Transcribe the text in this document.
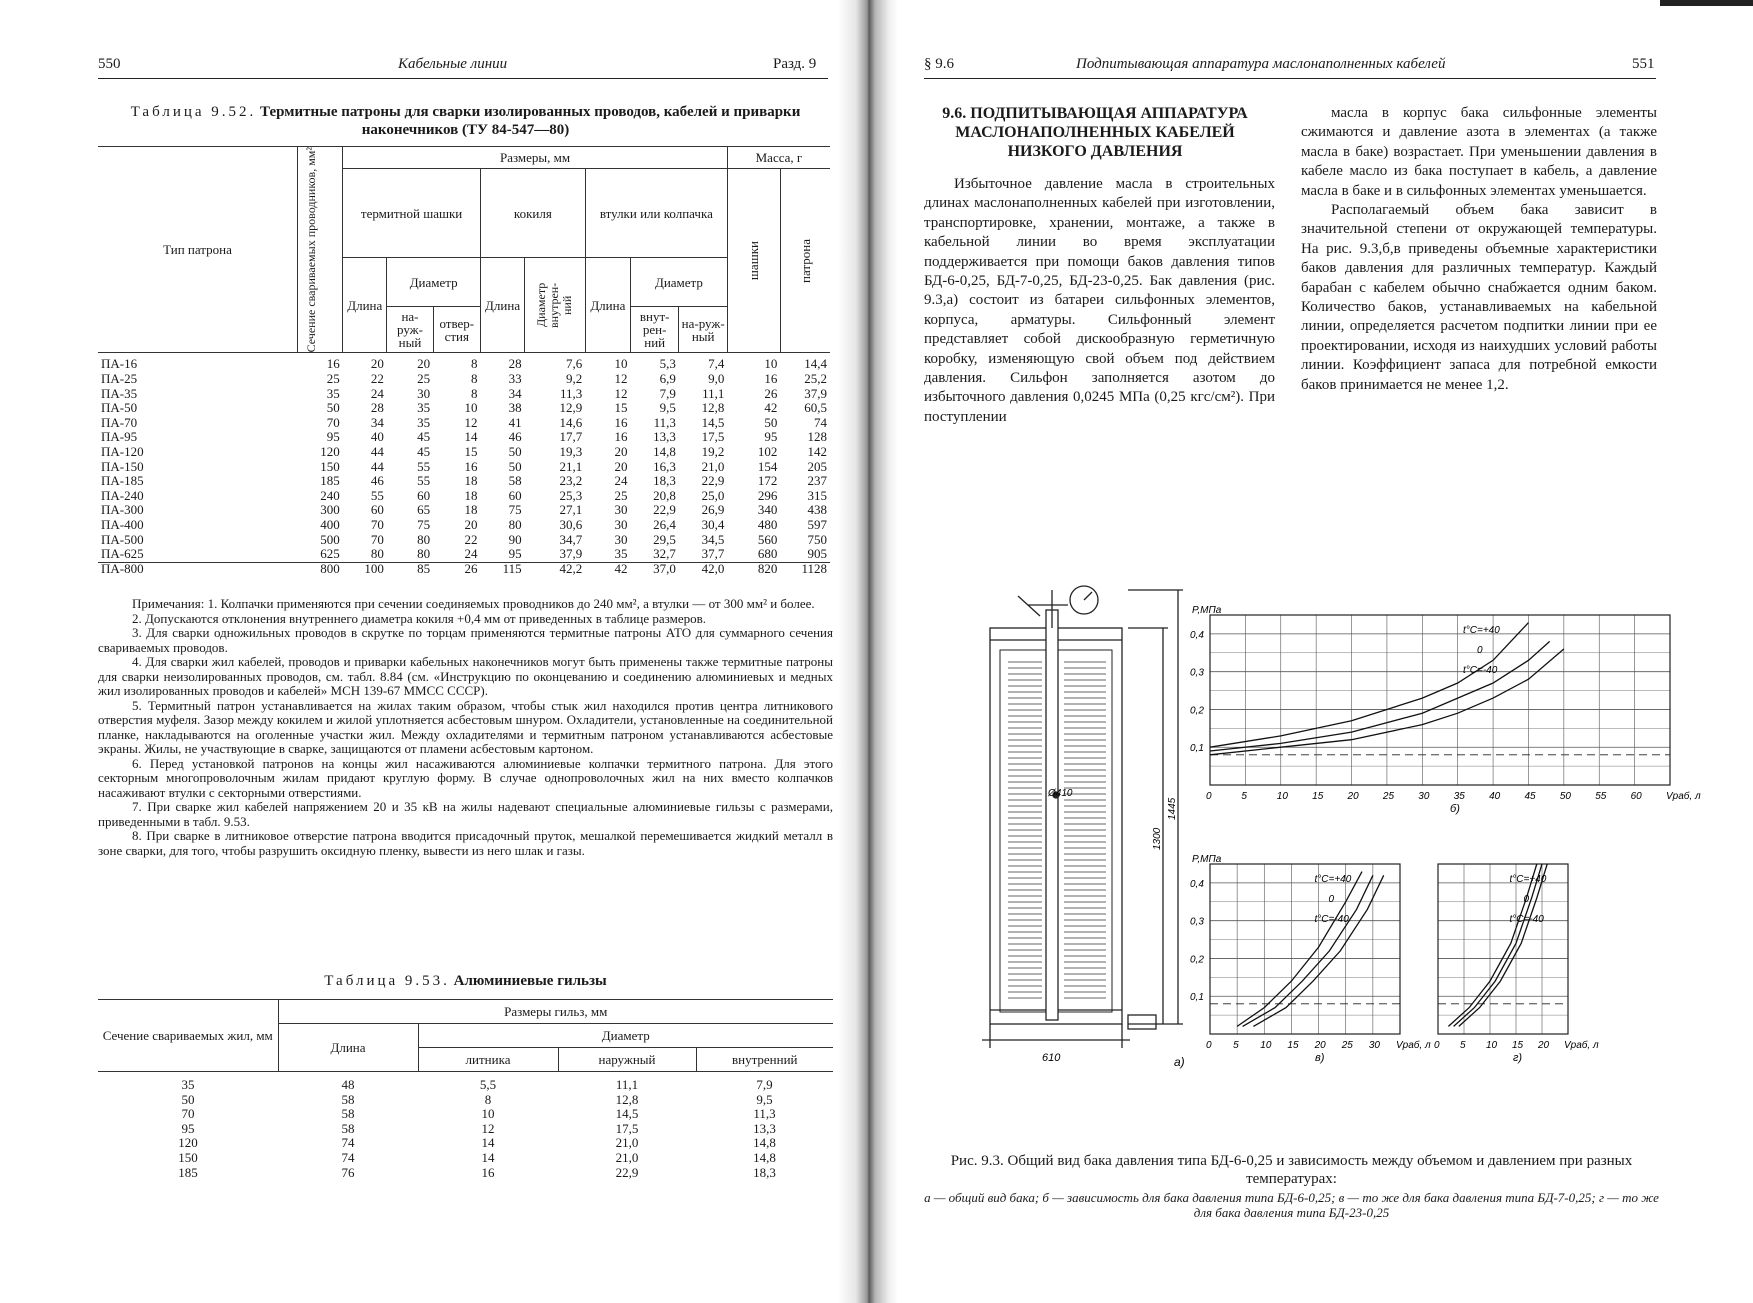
550	Кабельные линии	Разд. 9
Таблица 9.52. Термитные патроны для сварки изолированных проводов, кабелей и приварки наконечников (ТУ 84-547—80)
Тип патрона	Сечение свариваемых проводников, мм²	Размеры, мм								Масса, г	
		термитной шашки			кокиля		втулки или колпачка			шашки	патрона

		Длина	Диаметр		Длина	Диаметр внутрен-ний	Длина	Диаметр			
			на-руж-ный	отвер-стия				внут-рен-ний	на-руж-ный		
ПА-16	16	20	20	8	28	7,6	10	5,3	7,4	10	14,4
ПА-25	25	22	25	8	33	9,2	12	6,9	9,0	16	25,2
ПА-35	35	24	30	8	34	11,3	12	7,9	11,1	26	37,9
ПА-50	50	28	35	10	38	12,9	15	9,5	12,8	42	60,5
ПА-70	70	34	35	12	41	14,6	16	11,3	14,5	50	74
ПА-95	95	40	45	14	46	17,7	16	13,3	17,5	95	128
ПА-120	120	44	45	15	50	19,3	20	14,8	19,2	102	142
ПА-150	150	44	55	16	50	21,1	20	16,3	21,0	154	205
ПА-185	185	46	55	18	58	23,2	24	18,3	22,9	172	237
ПА-240	240	55	60	18	60	25,3	25	20,8	25,0	296	315
ПА-300	300	60	65	18	75	27,1	30	22,9	26,9	340	438
ПА-400	400	70	75	20	80	30,6	30	26,4	30,4	480	597
ПА-500	500	70	80	22	90	34,7	30	29,5	34,5	560	750
ПА-625	625	80	80	24	95	37,9	35	32,7	37,7	680	905
ПА-800	800	100	85	26	115	42,2	42	37,0	42,0	820	1128

Примечания: 1. Колпачки применяются при сечении соединяемых проводников до 240 мм², а втулки — от 300 мм² и более.

2. Допускаются отклонения внутреннего диаметра кокиля +0,4 мм от приведенных в таблице размеров.

3. Для сварки одножильных проводов в скрутке по торцам применяются термитные патроны АТО для суммарного сечения свариваемых проводов.

4. Для сварки жил кабелей, проводов и приварки кабельных наконечников могут быть применены также термитные патроны для сварки неизолированных проводов, см. табл. 8.84 (см. «Инструкцию по оконцеванию и соединению алюминиевых и медных жил изолированных проводов и кабелей» МСН 139-67 ММСС СССР).

5. Термитный патрон устанавливается на жилах таким образом, чтобы стык жил находился против центра литникового отверстия муфеля. Зазор между кокилем и жилой уплотняется асбестовым шнуром. Охладители, установленные на соединительной планке, накладываются на оголенные участки жил. Между охладителями и термитным патроном устанавливаются асбестовые экраны. Жилы, не участвующие в сварке, защищаются от пламени асбестовым картоном.

6. Перед установкой патронов на концы жил насаживаются алюминиевые колпачки термитного патрона. Для этого секторным многопроволочным жилам придают круглую форму. В случае однопроволочных жил на них вместо колпачков насаживают втулки с секторными отверстиями.

7. При сварке жил кабелей напряжением 20 и 35 кВ на жилы надевают специальные алюминиевые гильзы с размерами, приведенными в табл. 9.53.

8. При сварке в литниковое отверстие патрона вводится присадочный пруток, мешалкой перемешивается жидкий металл в зоне сварки, для того, чтобы разрушить оксидную пленку, вывести из него шлак и газы.

Таблица 9.53. Алюминиевые гильзы
Сечение свариваемых жил, мм	Размеры гильз, мм			
	Длина	Диаметр		
		литника	наружный	внутренний
35	48	5,5	11,1	7,9
50	58	8	12,8	9,5
70	58	10	14,5	11,3
95	58	12	17,5	13,3
120	74	14	21,0	14,8
150	74	14	21,0	14,8
185	76	16	22,9	18,3
§ 9.6	Подпитывающая аппаратура маслонаполненных кабелей	551
9.6. ПОДПИТЫВАЮЩАЯ АППАРАТУРА МАСЛОНАПОЛНЕННЫХ КАБЕЛЕЙ НИЗКОГО ДАВЛЕНИЯ

Избыточное давление масла в строительных длинах маслонаполненных кабелей при изготовлении, транспортировке, хранении, монтаже, а также в кабельной линии во время эксплуатации поддерживается при помощи баков давления типов БД-6-0,25, БД-7-0,25, БД-23-0,25. Бак давления (рис. 9.3,а) состоит из батареи сильфонных элементов, корпуса, арматуры. Сильфонный элемент представляет собой дискообразную герметичную коробку, изменяющую свой объем под действием давления. Сильфон заполняется азотом до избыточного давления 0,0245 МПа (0,25 кгс/см²). При поступлении

масла в корпус бака сильфонные элементы сжимаются и давление азота в элементах (а также масла в баке) возрастает. При уменьшении давления в кабеле масло из бака поступает в кабель, а давление масла в баке и в сильфонных элементах уменьшается.

Располагаемый объем бака зависит в значительной степени от окружающей температуры. На рис. 9.3,б,в приведены объемные характеристики баков давления для различных температур. Каждый барабан с кабелем обычно снабжается одним баком. Количество баков, устанавливаемых на кабельной линии, определяется расчетом подпитки линии при ее проектировании, исходя из наихудших условий работы линии. Коэффициент запаса для потребной емкости баков принимается не менее 1,2.

610
Ø410
1300
1445
а)
0,1
0,2
0,3
0,4
0	5	10 15 20 25 30 35 40 45 50 55 60
P,МПа
Vраб, л
б)
t°C=+40
0
t°C=-40
0,1
0,2
0,3
0,4
0 5 10 15 20 25 30
P,МПа
Vраб, л
в)
t°C=+40
0
t°C=-40
0 5 10 15 20 Vраб, л
г)
t°C=+40
0
t°C=-40

Рис. 9.3. Общий вид бака давления типа БД-6-0,25 и зависимость между объемом и давлением при разных температурах:

а — общий вид бака; б — зависимость для бака давления типа БД-6-0,25; в — то же для бака давления типа БД-7-0,25; г — то же для бака давления типа БД-23-0,25
